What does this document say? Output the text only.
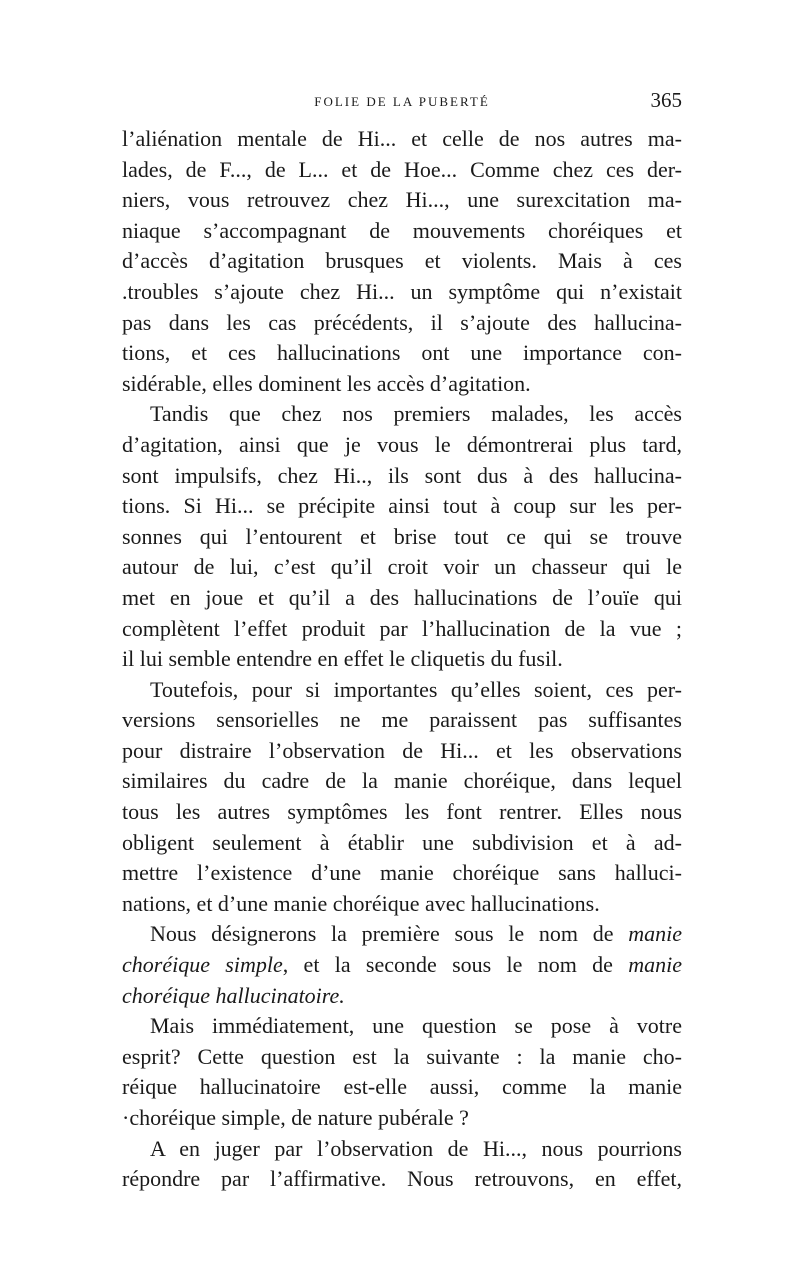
FOLIE DE LA PUBERTÉ	365
l’aliénation mentale de Hi... et celle de nos autres ma-
lades, de F..., de L... et de Hoe... Comme chez ces der-
niers, vous retrouvez chez Hi..., une surexcitation ma-
niaque s’accompagnant de mouvements choréiques et
d’accès d’agitation brusques et violents. Mais à ces
.troubles s’ajoute chez Hi... un symptôme qui n’existait
pas dans les cas précédents, il s’ajoute des hallucina-
tions, et ces hallucinations ont une importance con-
sidérable, elles dominent les accès d’agitation.
Tandis que chez nos premiers malades, les accès
d’agitation, ainsi que je vous le démontrerai plus tard,
sont impulsifs, chez Hi.., ils sont dus à des hallucina-
tions. Si Hi... se précipite ainsi tout à coup sur les per-
sonnes qui l’entourent et brise tout ce qui se trouve
autour de lui, c’est qu’il croit voir un chasseur qui le
met en joue et qu’il a des hallucinations de l’ouïe qui
complètent l’effet produit par l’hallucination de la vue ;
il lui semble entendre en effet le cliquetis du fusil.
Toutefois, pour si importantes qu’elles soient, ces per-
versions sensorielles ne me paraissent pas suffisantes
pour distraire l’observation de Hi... et les observations
similaires du cadre de la manie choréique, dans lequel
tous les autres symptômes les font rentrer. Elles nous
obligent seulement à établir une subdivision et à ad-
mettre l’existence d’une manie choréique sans halluci-
nations, et d’une manie choréique avec hallucinations.
Nous désignerons la première sous le nom de manie
choréique simple, et la seconde sous le nom de manie
choréique hallucinatoire.
Mais immédiatement, une question se pose à votre
esprit? Cette question est la suivante : la manie cho-
réique hallucinatoire est-elle aussi, comme la manie
·choréique simple, de nature pubérale ?
A en juger par l’observation de Hi..., nous pourrions
répondre par l’affirmative. Nous retrouvons, en effet,
